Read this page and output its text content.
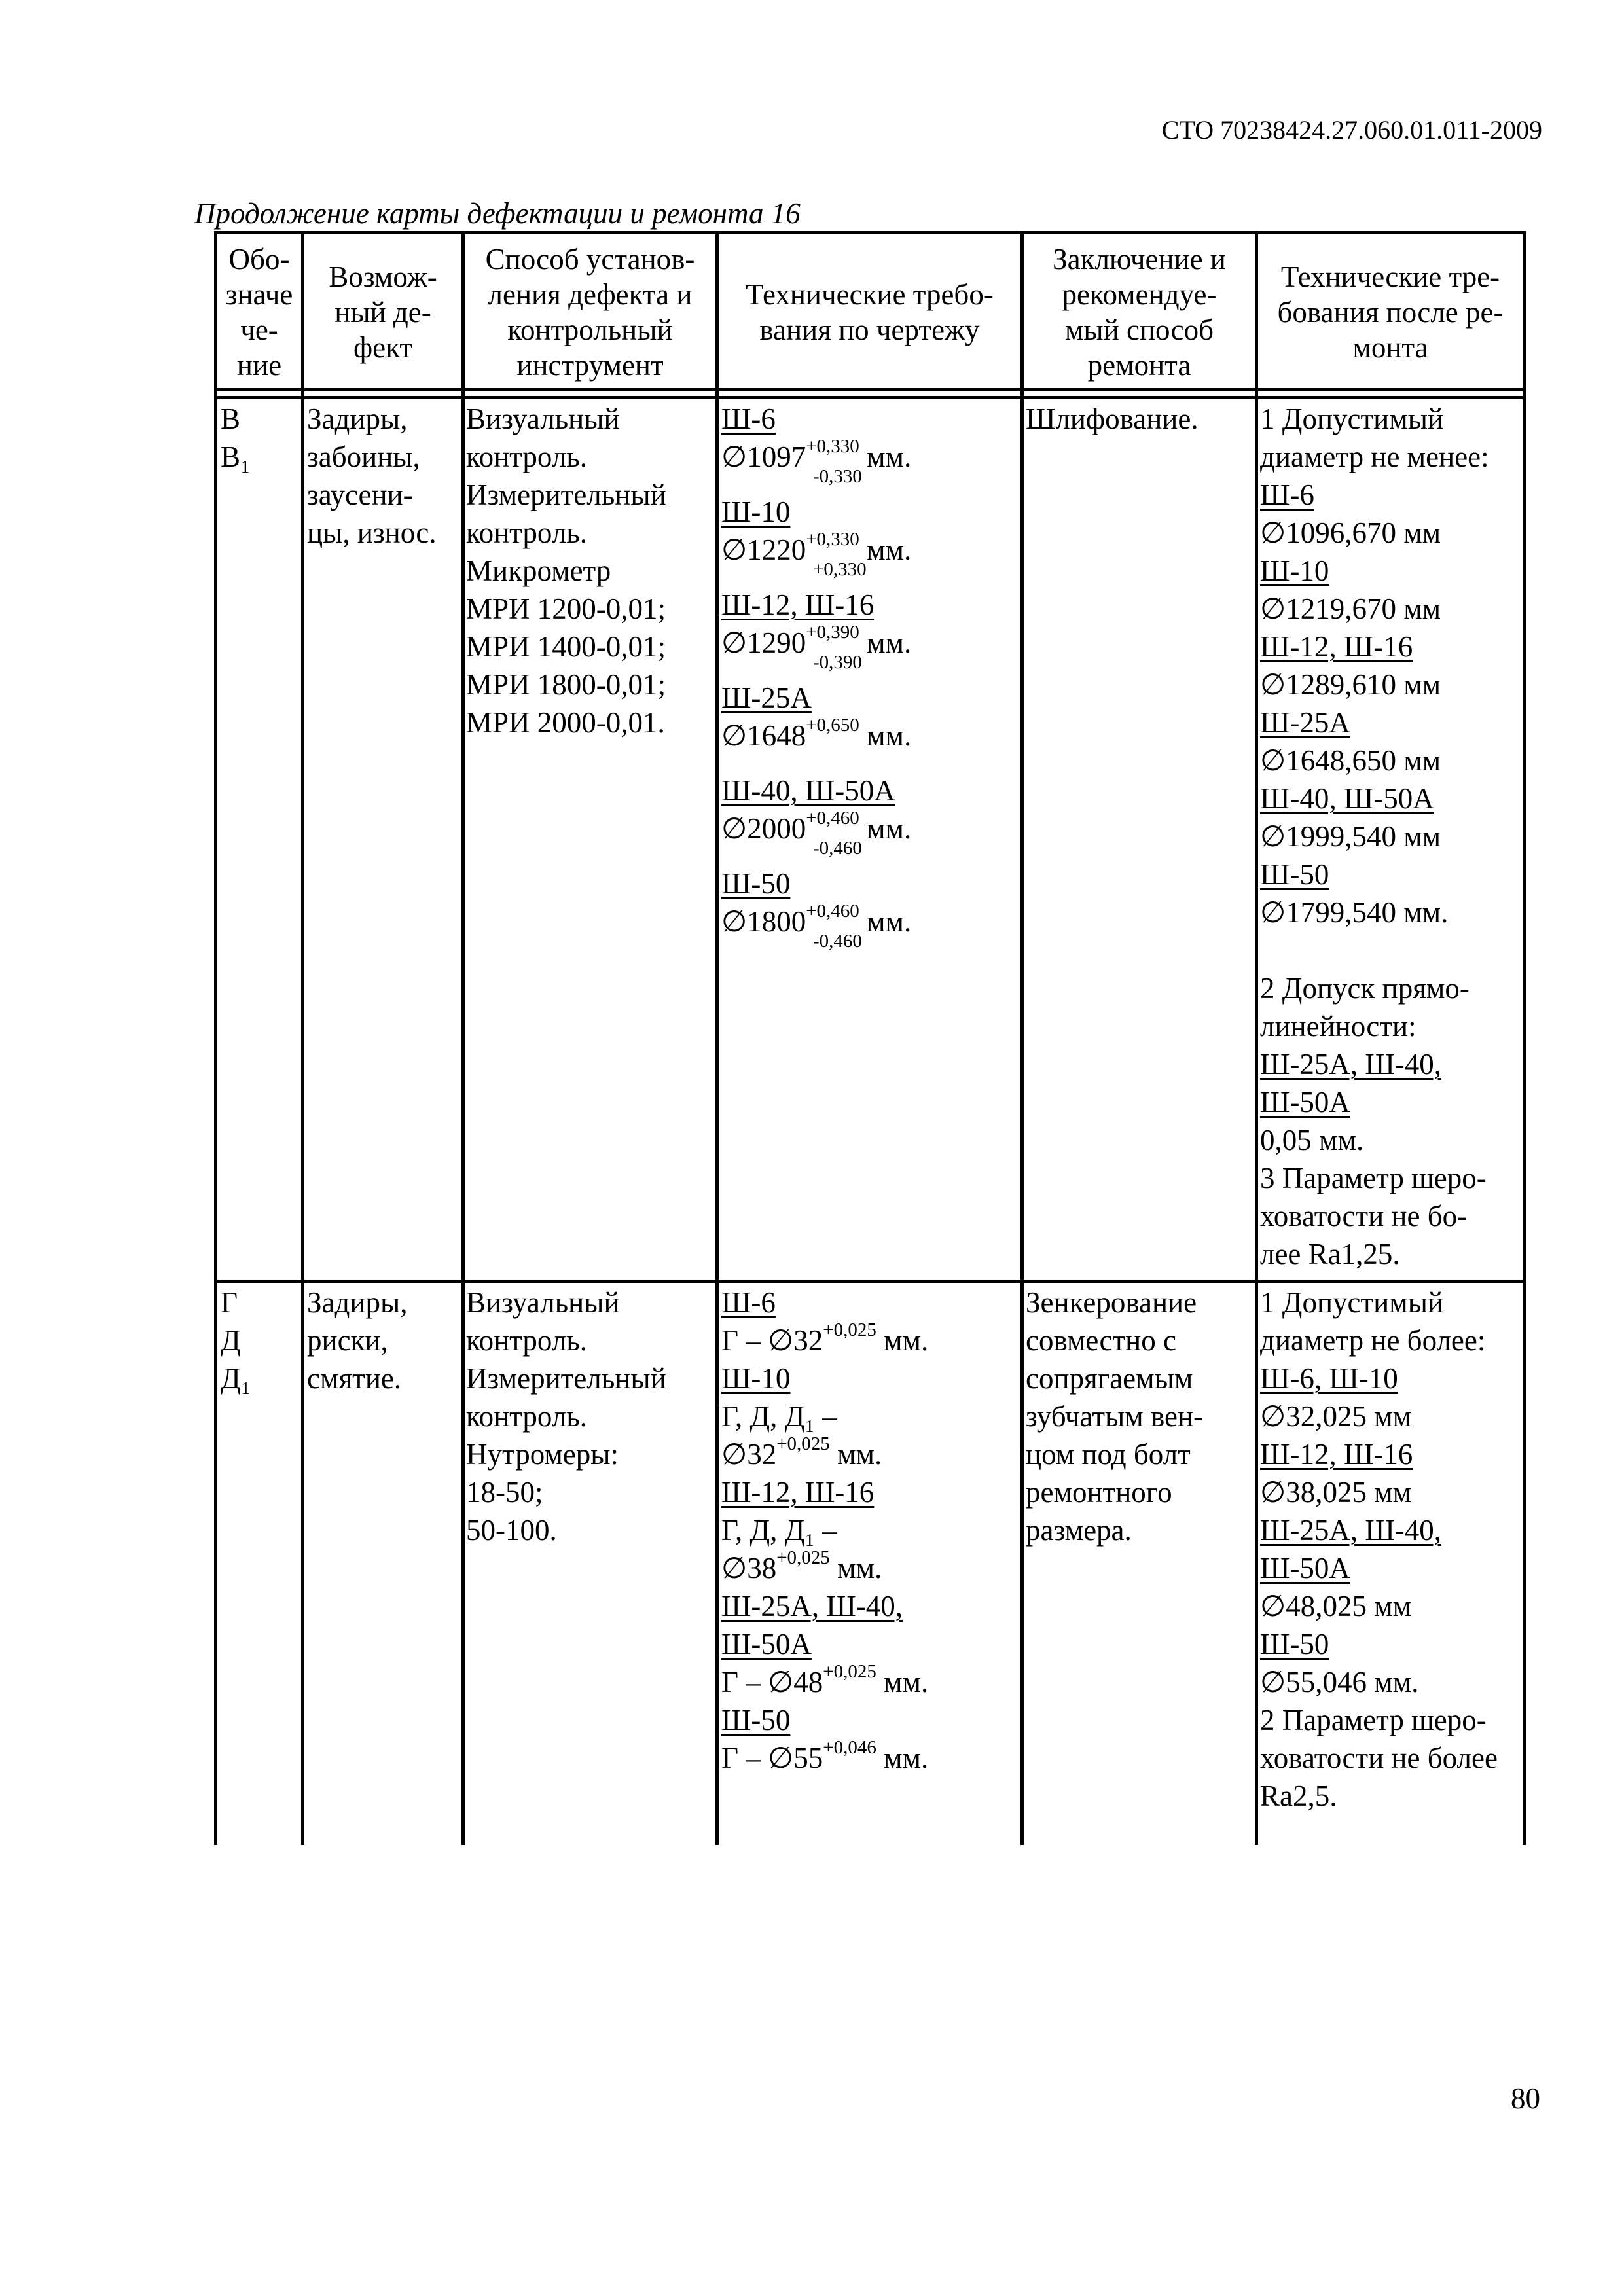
СТО 70238424.27.060.01.011-2009
Продолжение карты дефектации и ремонта 16
Обо-
значе
че-
ние
Возмож-
ный де-
фект
Способ установ-
ления дефекта и
контрольный
инструмент
Техничeские требо-
вания по чертежу
Заключение и
рекомендуе-
мый способ
ремонта
Технические тре-
бования после ре-
монта
В
В₁
Задиры,
забоины,
заусени-
цы, износ.
Визуальный
контроль.
Измерительный
контроль.
Микрометр
МРИ 1200-0,01;
МРИ 1400-0,01;
МРИ 1800-0,01;
МРИ 2000-0,01.
Ш-6
$\emptyset 1097^{+0,330}$ мм.
-0,330
Ш-10
$\emptyset 1220^{+0,330}$ мм.
+0,330
Ш-12, Ш-16
$\emptyset 1290^{+0,390}$ мм.
-0,390
Ш-25А
$\emptyset 1648^{+0,650}$ мм.
Ш-40, Ш-50А
$\emptyset 2000^{+0,460}$ мм.
-0,460
Ш-50
$\emptyset 1800^{+0,460}$ мм.
-0,460
Шлифование.	1 Допустимый
диаметр не менее:
Ш-6
∅1096,670 мм
Ш-10
∅1219,670 мм
Ш-12, Ш-16
∅1289,610 мм
Ш-25А
∅1648,650 мм
Ш-40, Ш-50А
∅1999,540 мм
Ш-50
∅1799,540 мм.
2 Допуск прямо-
линейности:
Ш-25А, Ш-40,
Ш-50А
0,05 мм.
3 Параметр шеро-
ховатости не бо-
лее Ra1,25.
Г
Д
Д₁
Задиры,
риски,
смятие.
Визуальный
контроль.
Измерительный
контроль.
Нутромеры:
18-50;
50-100.
Ш-6
Г – $\emptyset 32^{+0,025}$ мм.
Ш-10
Г, Д, Д₁ –
$\emptyset 32^{+0,025}$ мм.
Ш-12, Ш-16
Г, Д, Д₁ –
$\emptyset 38^{+0,025}$ мм.
Ш-25А, Ш-40,
Ш-50А
Г – $\emptyset 48^{+0,025}$ мм.
Ш-50
Г – $\emptyset 55^{+0,046}$ мм.
Зенкерование
совместно с
сопрягаемым
зубчатым вен-
цом под болт
ремонтного
размера.
1 Допустимый
диаметр не более:
Ш-6, Ш-10
∅32,025 мм
Ш-12, Ш-16
∅38,025 мм
Ш-25А, Ш-40,
Ш-50А
∅48,025 мм
Ш-50
∅55,046 мм.
2 Параметр шеро-
ховатости не более
Ra2,5.
80
